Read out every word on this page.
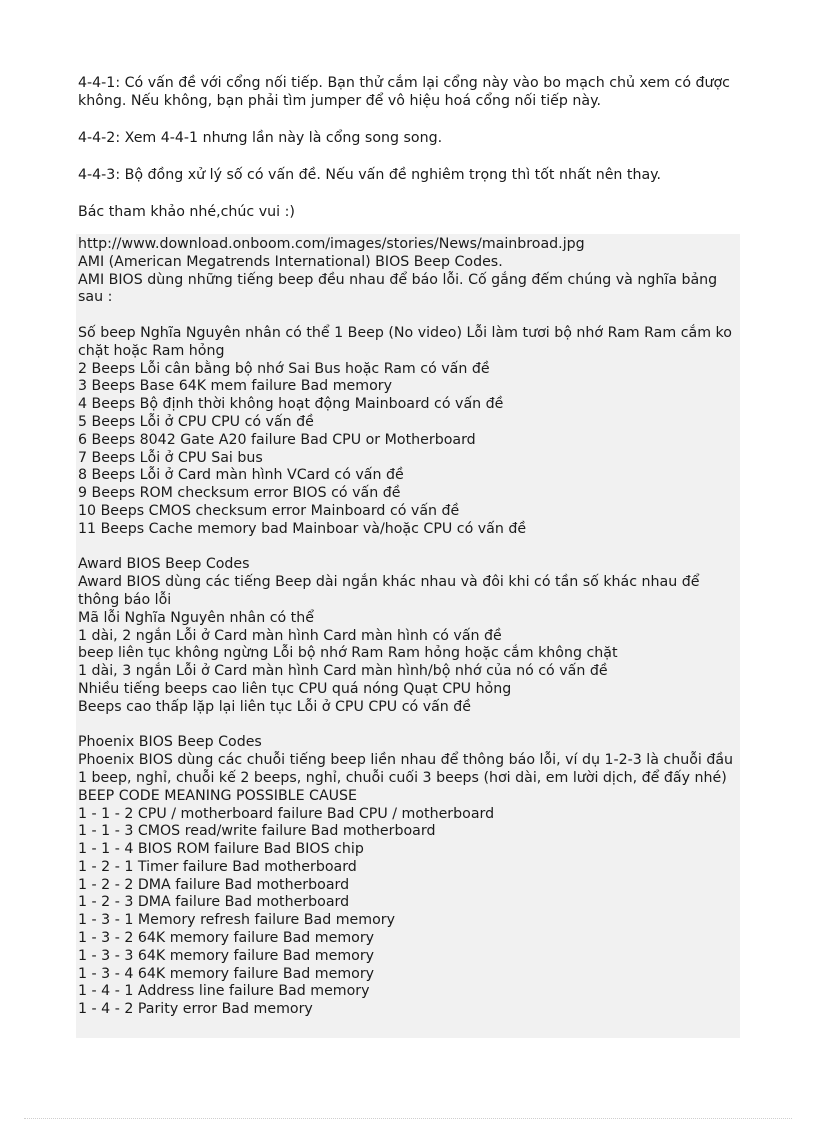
4-4-1: Có vấn đề với cổng nối tiếp. Bạn thử cắm lại cổng này vào bo mạch chủ xem có được không. Nếu không, bạn phải tìm jumper để vô hiệu hoá cổng nối tiếp này.

4-4-2: Xem 4-4-1 nhưng lần này là cổng song song.

4-4-3: Bộ đồng xử lý số có vấn đề. Nếu vấn đề nghiêm trọng thì tốt nhất nên thay.

Bác tham khảo nhé,chúc vui :)

http://www.download.onboom.com/images/stories/News/mainbroad.jpg
AMI (American Megatrends International) BIOS Beep Codes.
AMI BIOS dùng những tiếng beep đều nhau để báo lỗi. Cố gắng đếm chúng và nghĩa bảng sau :
Số beep Nghĩa Nguyên nhân có thể 1 Beep (No video) Lỗi làm tươi bộ nhớ Ram Ram cắm ko chặt hoặc Ram hỏng
2 Beeps Lỗi cân bằng bộ nhớ Sai Bus hoặc Ram có vấn đề
3 Beeps Base 64K mem failure Bad memory
4 Beeps Bộ định thời không hoạt động Mainboard có vấn đề
5 Beeps Lỗi ở CPU CPU có vấn đề
6 Beeps 8042 Gate A20 failure Bad CPU or Motherboard
7 Beeps Lỗi ở CPU Sai bus
8 Beeps Lỗi ở Card màn hình VCard có vấn đề
9 Beeps ROM checksum error BIOS có vấn đề
10 Beeps CMOS checksum error Mainboard có vấn đề
11 Beeps Cache memory bad Mainboar và/hoặc CPU có vấn đề
Award BIOS Beep Codes
Award BIOS dùng các tiếng Beep dài ngắn khác nhau và đôi khi có tần số khác nhau để thông báo lỗi
Mã lỗi Nghĩa Nguyên nhân có thể
1 dài, 2 ngắn Lỗi ở Card màn hình Card màn hình có vấn đề
beep liên tục không ngừng Lỗi bộ nhớ Ram Ram hỏng hoặc cắm không chặt
1 dài, 3 ngắn Lỗi ở Card màn hình Card màn hình/bộ nhớ của nó có vấn đề
Nhiều tiếng beeps cao liên tục CPU quá nóng Quạt CPU hỏng
Beeps cao thấp lặp lại liên tục Lỗi ở CPU CPU có vấn đề
Phoenix BIOS Beep Codes
Phoenix BIOS dùng các chuỗi tiếng beep liền nhau để thông báo lỗi, ví dụ 1-2-3 là chuỗi đầu 1 beep, nghỉ, chuỗi kế 2 beeps, nghỉ, chuỗi cuối 3 beeps (hơi dài, em lười dịch, để đấy nhé)
BEEP CODE MEANING POSSIBLE CAUSE
1 - 1 - 2 CPU / motherboard failure Bad CPU / motherboard
1 - 1 - 3 CMOS read/write failure Bad motherboard
1 - 1 - 4 BIOS ROM failure Bad BIOS chip
1 - 2 - 1 Timer failure Bad motherboard
1 - 2 - 2 DMA failure Bad motherboard
1 - 2 - 3 DMA failure Bad motherboard
1 - 3 - 1 Memory refresh failure Bad memory
1 - 3 - 2 64K memory failure Bad memory
1 - 3 - 3 64K memory failure Bad memory
1 - 3 - 4 64K memory failure Bad memory
1 - 4 - 1 Address line failure Bad memory
1 - 4 - 2 Parity error Bad memory
